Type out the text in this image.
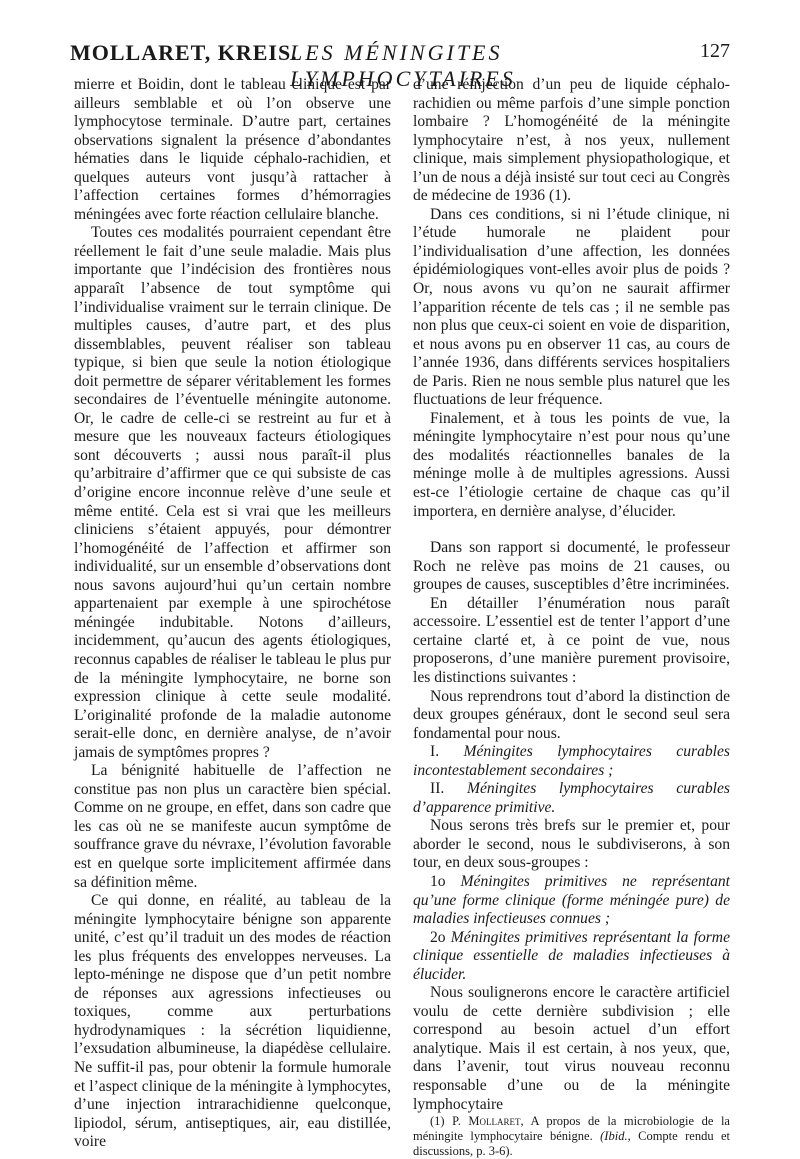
MOLLARET, KREIS.
LES MÉNINGITES LYMPHOCYTAIRES
127

mierre et Boidin, dont le tableau clinique est par ailleurs semblable et où l’on observe une lymphocytose terminale. D’autre part, certaines observations signalent la présence d’abondantes hématies dans le liquide céphalo-rachidien, et quelques auteurs vont jusqu’à rattacher à l’affection certaines formes d’hémorragies méningées avec forte réaction cellulaire blanche.

Toutes ces modalités pourraient cependant être réellement le fait d’une seule maladie. Mais plus importante que l’indécision des frontières nous apparaît l’absence de tout symptôme qui l’individualise vraiment sur le terrain clinique. De multiples causes, d’autre part, et des plus dissemblables, peuvent réaliser son tableau typique, si bien que seule la notion étiologique doit permettre de séparer véritablement les formes secondaires de l’éventuelle méningite autonome. Or, le cadre de celle-ci se restreint au fur et à mesure que les nouveaux facteurs étiologiques sont découverts ; aussi nous paraît-il plus qu’arbitraire d’affirmer que ce qui subsiste de cas d’origine encore inconnue relève d’une seule et même entité. Cela est si vrai que les meilleurs cliniciens s’étaient appuyés, pour démontrer l’homogénéité de l’affection et affirmer son individualité, sur un ensemble d’observations dont nous savons aujourd’hui qu’un certain nombre appartenaient par exemple à une spirochétose méningée indubitable. Notons d’ailleurs, incidemment, qu’aucun des agents étiologiques, reconnus capables de réaliser le tableau le plus pur de la méningite lymphocytaire, ne borne son expression clinique à cette seule modalité. L’originalité profonde de la maladie autonome serait-elle donc, en dernière analyse, de n’avoir jamais de symptômes propres ?

La bénignité habituelle de l’affection ne constitue pas non plus un caractère bien spécial. Comme on ne groupe, en effet, dans son cadre que les cas où ne se manifeste aucun symptôme de souffrance grave du névraxe, l’évolution favorable est en quelque sorte implicitement affirmée dans sa définition même.

Ce qui donne, en réalité, au tableau de la méningite lymphocytaire bénigne son apparente unité, c’est qu’il traduit un des modes de réaction les plus fréquents des enveloppes nerveuses. La lepto-méninge ne dispose que d’un petit nombre de réponses aux agressions infectieuses ou toxiques, comme aux perturbations hydrodynamiques : la sécrétion liquidienne, l’exsudation albumineuse, la diapédèse cellulaire. Ne suffit-il pas, pour obtenir la formule humorale et l’aspect clinique de la méningite à lymphocytes, d’une injection intrarachidienne quelconque, lipiodol, sérum, antiseptiques, air, eau distillée, voire

d’une réinjection d’un peu de liquide céphalo-rachidien ou même parfois d’une simple ponction lombaire ? L’homogénéité de la méningite lymphocytaire n’est, à nos yeux, nullement clinique, mais simplement physiopathologique, et l’un de nous a déjà insisté sur tout ceci au Congrès de médecine de 1936 (1).

Dans ces conditions, si ni l’étude clinique, ni l’étude humorale ne plaident pour l’individualisation d’une affection, les données épidémiologiques vont-elles avoir plus de poids ? Or, nous avons vu qu’on ne saurait affirmer l’apparition récente de tels cas ; il ne semble pas non plus que ceux-ci soient en voie de disparition, et nous avons pu en observer 11 cas, au cours de l’année 1936, dans différents services hospitaliers de Paris. Rien ne nous semble plus naturel que les fluctuations de leur fréquence.

Finalement, et à tous les points de vue, la méningite lymphocytaire n’est pour nous qu’une des modalités réactionnelles banales de la méninge molle à de multiples agressions. Aussi est-ce l’étiologie certaine de chaque cas qu’il importera, en dernière analyse, d’élucider.

Dans son rapport si documenté, le professeur Roch ne relève pas moins de 21 causes, ou groupes de causes, susceptibles d’être incriminées.

En détailler l’énumération nous paraît accessoire. L’essentiel est de tenter l’apport d’une certaine clarté et, à ce point de vue, nous proposerons, d’une manière purement provisoire, les distinctions suivantes :

Nous reprendrons tout d’abord la distinction de deux groupes généraux, dont le second seul sera fondamental pour nous.

I. Méningites lymphocytaires curables incontestablement secondaires ;

II. Méningites lymphocytaires curables d’apparence primitive.

Nous serons très brefs sur le premier et, pour aborder le second, nous le subdiviserons, à son tour, en deux sous-groupes :

1o Méningites primitives ne représentant qu’une forme clinique (forme méningée pure) de maladies infectieuses connues ;

2o Méningites primitives représentant la forme clinique essentielle de maladies infectieuses à élucider.

Nous soulignerons encore le caractère artificiel voulu de cette dernière subdivision ; elle correspond au besoin actuel d’un effort analytique. Mais il est certain, à nos yeux, que, dans l’avenir, tout virus nouveau reconnu responsable d’une ou de la méningite lymphocytaire

(1) P. Mollaret, A propos de la microbiologie de la méningite lymphocytaire bénigne. (Ibid., Compte rendu et discussions, p. 3-6).
